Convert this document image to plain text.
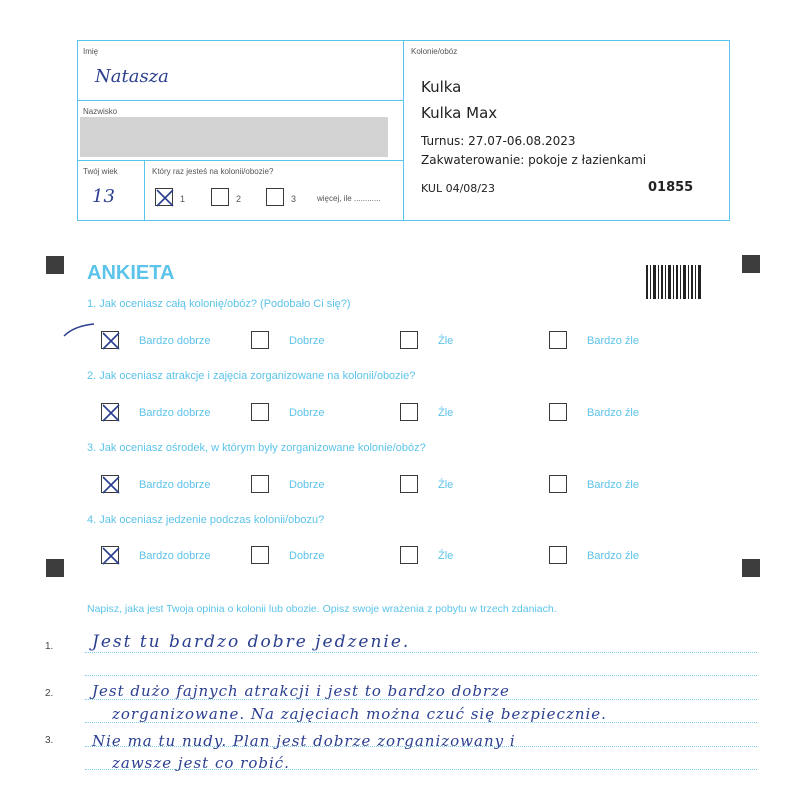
Imię
Natasza
Nazwisko
Twój wiek
13
Który raz jesteś na kolonii/obozie?
1	2	3	więcej, ile ............
Kolonie/obóz
Kulka
Kulka Max
Turnus: 27.07-06.08.2023
Zakwaterowanie: pokoje z łazienkami
KUL 04/08/23	01855
ANKIETA
1. Jak oceniasz całą kolonię/obóz? (Podobało Ci się?)
Bardzo dobrze	Dobrze	Źle	Bardzo źle
2. Jak oceniasz atrakcje i zajęcia zorganizowane na kolonii/obozie?
Bardzo dobrze	Dobrze	Źle	Bardzo źle
3. Jak oceniasz ośrodek, w którym były zorganizowane kolonie/obóz?
Bardzo dobrze	Dobrze	Źle	Bardzo źle
4. Jak oceniasz jedzenie podczas kolonii/obozu?
Bardzo dobrze	Dobrze	Źle	Bardzo źle
Napisz, jaka jest Twoja opinia o kolonii lub obozie. Opisz swoje wrażenia z pobytu w trzech zdaniach.
1.
2.
3.
Jest tu bardzo dobre jedzenie.
Jest dużo fajnych atrakcji i jest to bardzo dobrze
zorganizowane. Na zajęciach można czuć się bezpiecznie.
Nie ma tu nudy. Plan jest dobrze zorganizowany i
zawsze jest co robić.
